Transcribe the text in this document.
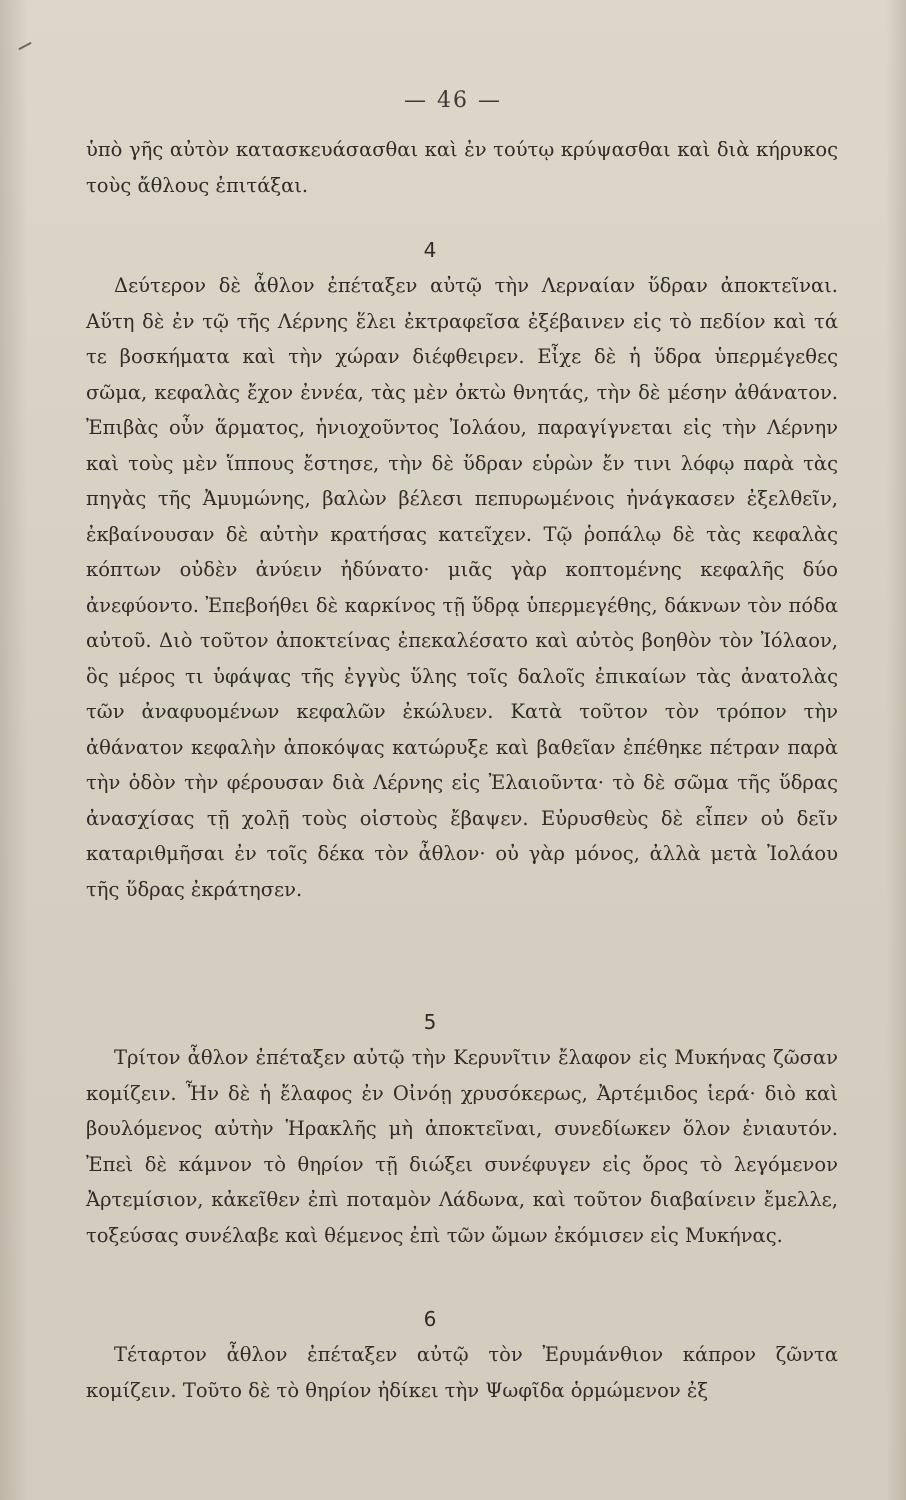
— 46 —

ὑπὸ γῆς αὐτὸν κατασκευάσασθαι καὶ ἐν τούτῳ κρύψασθαι καὶ διὰ κήρυκος τοὺς ἄθλους ἐπιτάξαι.

4

Δεύτερον δὲ ἆθλον ἐπέταξεν αὐτῷ τὴν Λερναίαν ὕδραν ἀποκτεῖναι. Αὕτη δὲ ἐν τῷ τῆς Λέρνης ἕλει ἐκτραφεῖσα ἐξέβαινεν εἰς τὸ πεδίον καὶ τά τε βοσκήματα καὶ τὴν χώραν διέφθειρεν. Εἶχε δὲ ἡ ὕδρα ὑπερμέγεθες σῶμα, κεφαλὰς ἔχον ἐννέα, τὰς μὲν ὀκτὼ θνητάς, τὴν δὲ μέσην ἀθάνατον. Ἐπιβὰς οὖν ἅρματος, ἡνιοχοῦντος Ἰολάου, παραγίγνεται εἰς τὴν Λέρνην καὶ τοὺς μὲν ἵππους ἔστησε, τὴν δὲ ὕδραν εὑρὼν ἔν τινι λόφῳ παρὰ τὰς πηγὰς τῆς Ἀμυμώνης, βαλὼν βέλεσι πεπυρωμένοις ἠνάγκασεν ἐξελθεῖν, ἐκβαίνουσαν δὲ αὐτὴν κρατήσας κατεῖχεν. Τῷ ῥοπάλῳ δὲ τὰς κεφαλὰς κόπτων οὐδὲν ἀνύειν ἠδύνατο· μιᾶς γὰρ κοπτομένης κεφαλῆς δύο ἀνεφύοντο. Ἐπεβοήθει δὲ καρκίνος τῇ ὕδρᾳ ὑπερμεγέθης, δάκνων τὸν πόδα αὐτοῦ. Διὸ τοῦτον ἀποκτείνας ἐπεκαλέσατο καὶ αὐτὸς βοηθὸν τὸν Ἰόλαον, ὃς μέρος τι ὑφάψας τῆς ἐγγὺς ὕλης τοῖς δαλοῖς ἐπικαίων τὰς ἀνατολὰς τῶν ἀναφυομένων κεφαλῶν ἐκώλυεν. Κατὰ τοῦτον τὸν τρόπον τὴν ἀθάνατον κεφαλὴν ἀποκόψας κατώρυξε καὶ βαθεῖαν ἐπέθηκε πέτραν παρὰ τὴν ὁδὸν τὴν φέρουσαν διὰ Λέρνης εἰς Ἐλαιοῦντα· τὸ δὲ σῶμα τῆς ὕδρας ἀνασχίσας τῇ χολῇ τοὺς οἰστοὺς ἔβαψεν. Εὐρυσθεὺς δὲ εἶπεν οὐ δεῖν καταριθμῆσαι ἐν τοῖς δέκα τὸν ἆθλον· οὐ γὰρ μόνος, ἀλλὰ μετὰ Ἰολάου τῆς ὕδρας ἐκράτησεν.

5

Τρίτον ἆθλον ἐπέταξεν αὐτῷ τὴν Κερυνῖτιν ἔλαφον εἰς Μυκήνας ζῶσαν κομίζειν. Ἦν δὲ ἡ ἔλαφος ἐν Οἰνόῃ χρυσόκερως, Ἀρτέμιδος ἱερά· διὸ καὶ βουλόμενος αὐτὴν Ἡρακλῆς μὴ ἀποκτεῖναι, συνεδίωκεν ὅλον ἐνιαυτόν. Ἐπεὶ δὲ κάμνον τὸ θηρίον τῇ διώξει συνέφυγεν εἰς ὄρος τὸ λεγόμενον Ἀρτεμίσιον, κἀκεῖθεν ἐπὶ ποταμὸν Λάδωνα, καὶ τοῦτον διαβαίνειν ἔμελλε, τοξεύσας συνέλαβε καὶ θέμενος ἐπὶ τῶν ὤμων ἐκόμισεν εἰς Μυκήνας.

6

Τέταρτον ἆθλον ἐπέταξεν αὐτῷ τὸν Ἐρυμάνθιον κάπρον ζῶντα κομίζειν. Τοῦτο δὲ τὸ θηρίον ἠδίκει τὴν Ψωφῖδα ὁρμώμενον ἐξ
